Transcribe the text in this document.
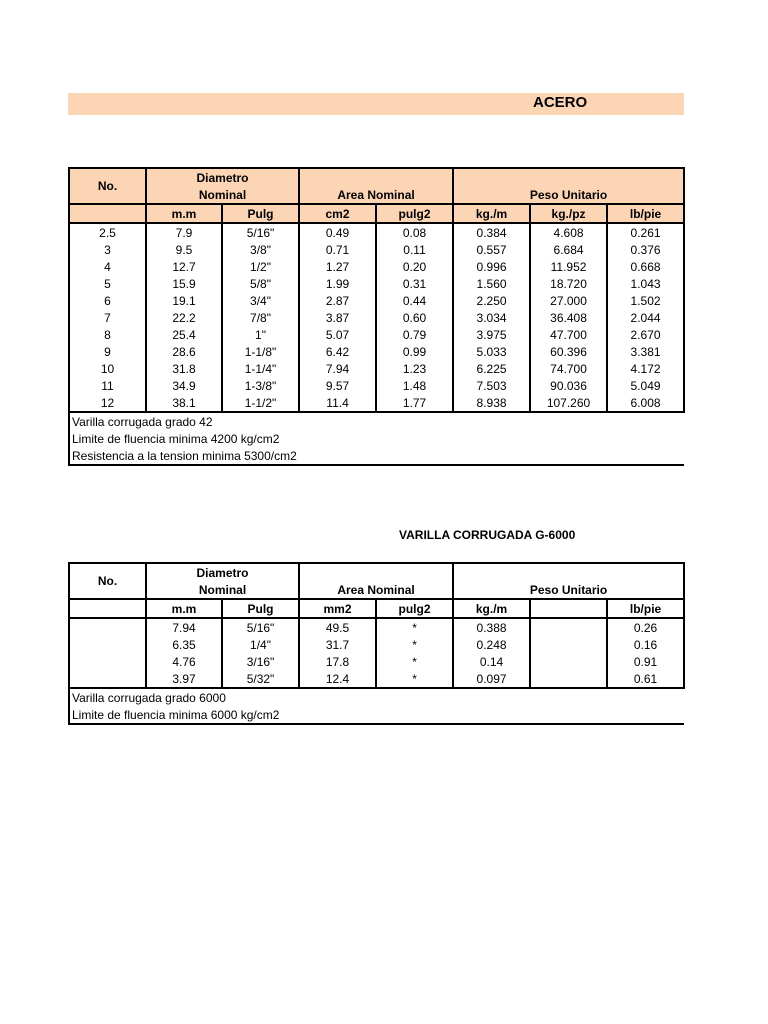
ACERO
No.	Diametro		Area Nominal		Peso Unitario		
	Nominal						
	m.m	Pulg	cm2	pulg2	kg./m	kg./pz	lb/pie
2.5	7.9	5/16"	0.49	0.08	0.384	4.608	0.261
3	9.5	3/8"	0.71	0.11	0.557	6.684	0.376
4	12.7	1/2"	1.27	0.20	0.996	11.952	0.668
5	15.9	5/8"	1.99	0.31	1.560	18.720	1.043
6	19.1	3/4"	2.87	0.44	2.250	27.000	1.502
7	22.2	7/8"	3.87	0.60	3.034	36.408	2.044
8	25.4	1"	5.07	0.79	3.975	47.700	2.670
9	28.6	1-1/8"	6.42	0.99	5.033	60.396	3.381
10	31.8	1-1/4"	7.94	1.23	6.225	74.700	4.172
11	34.9	1-3/8"	9.57	1.48	7.503	90.036	5.049
12	38.1	1-1/2"	11.4	1.77	8.938	107.260	6.008
Varilla corrugada grado 42							
Limite de fluencia minima 4200 kg/cm2							
Resistencia a la tension minima 5300/cm2							
VARILLA CORRUGADA G-6000
No.	Diametro		Area Nominal		Peso Unitario		
	Nominal						
	m.m	Pulg	mm2	pulg2	kg./m		lb/pie
	7.94	5/16"	49.5	*	0.388		0.26
	6.35	1/4"	31.7	*	0.248		0.16
	4.76	3/16"	17.8	*	0.14		0.91
	3.97	5/32"	12.4	*	0.097		0.61
Varilla corrugada grado 6000							
Limite de fluencia minima 6000 kg/cm2							
